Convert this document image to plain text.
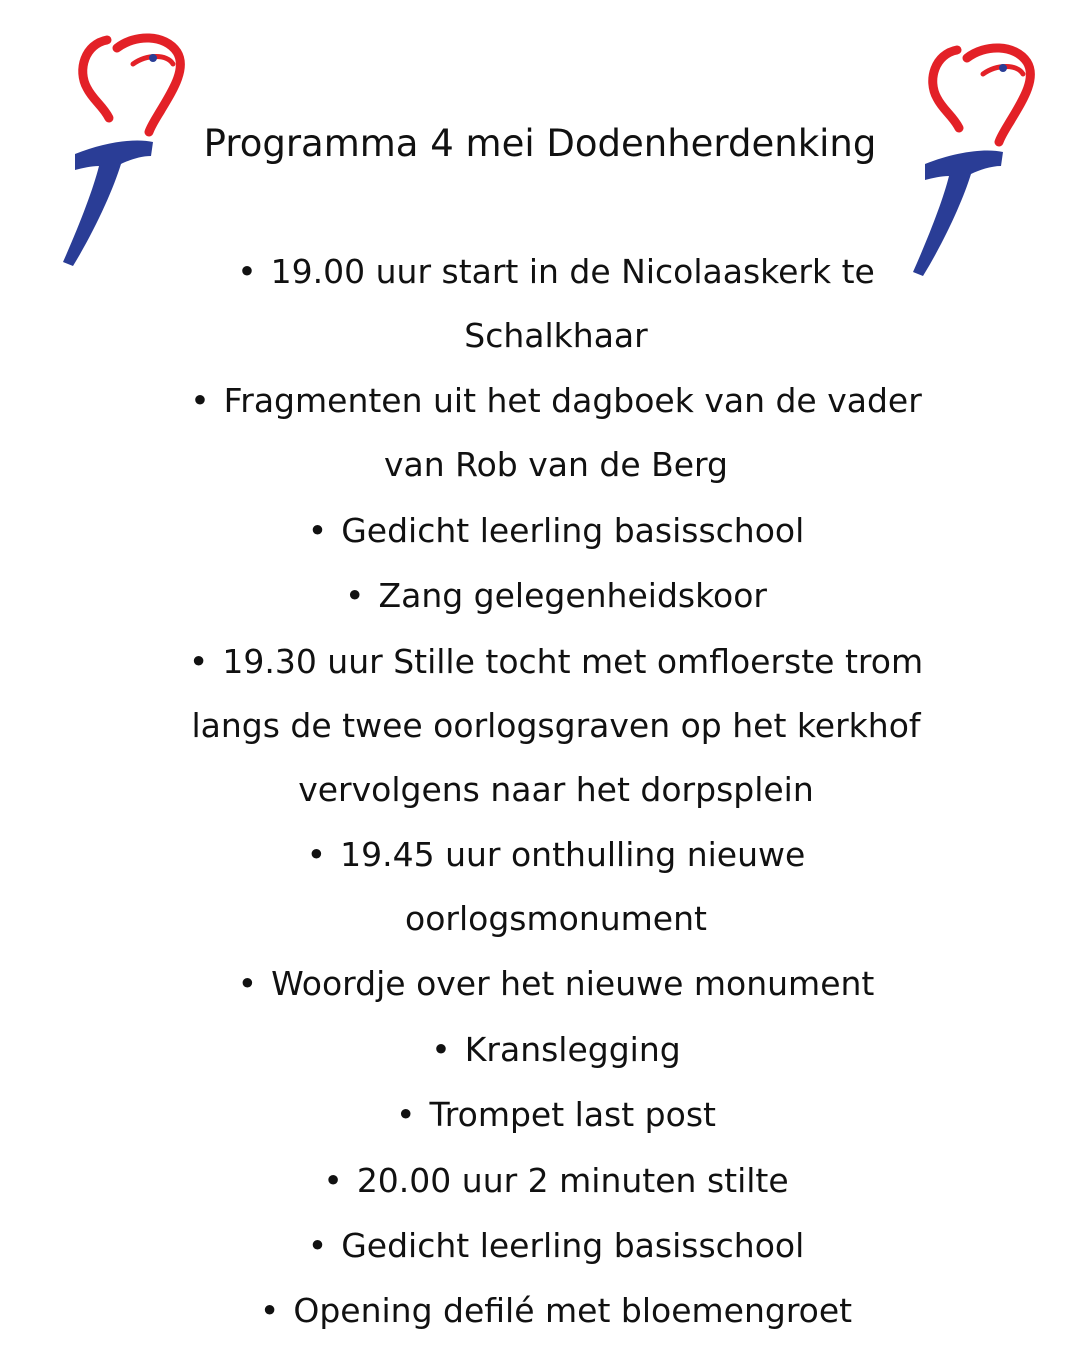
Programma 4 mei Dodenherdenking
• 19.00 uur start in de Nicolaaskerk te Schalkhaar
• Fragmenten uit het dagboek van de vader van Rob van de Berg
• Gedicht leerling basisschool
• Zang gelegenheidskoor
• 19.30 uur Stille tocht met omfloerste trom langs de twee oorlogsgraven op het kerkhof vervolgens naar het dorpsplein
• 19.45 uur onthulling nieuwe oorlogsmonument
• Woordje over het nieuwe monument
• Kranslegging
• Trompet last post
• 20.00 uur 2 minuten stilte
• Gedicht leerling basisschool
• Opening defilé met bloemengroet
